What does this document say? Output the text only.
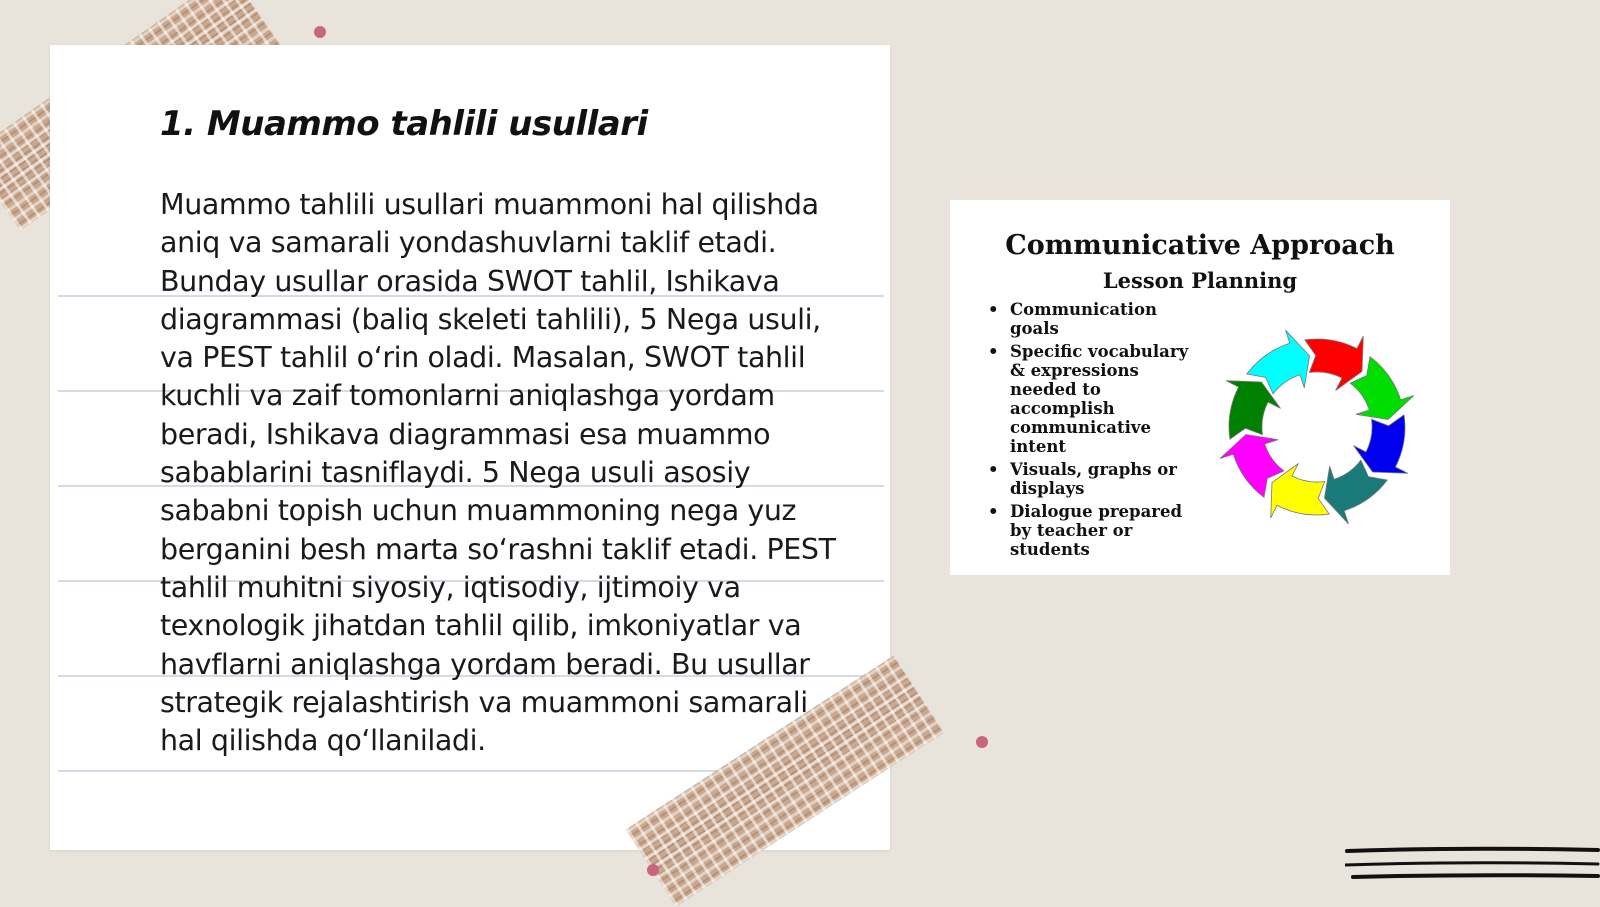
1. Muammo tahlili usullari

Muammo tahlili usullari muammoni hal qilishda aniq va samarali yondashuvlarni taklif etadi. Bunday usullar orasida SWOT tahlil, Ishikava diagrammasi (baliq skeleti tahlili), 5 Nega usuli, va PEST tahlil o‘rin oladi. Masalan, SWOT tahlil kuchli va zaif tomonlarni aniqlashga yordam beradi, Ishikava diagrammasi esa muammo sabablarini tasniflaydi. 5 Nega usuli asosiy sababni topish uchun muammoning nega yuz berganini besh marta so‘rashni taklif etadi. PEST tahlil muhitni siyosiy, iqtisodiy, ijtimoiy va texnologik jihatdan tahlil qilib, imkoniyatlar va havflarni aniqlashga yordam beradi. Bu usullar strategik rejalashtirish va muammoni samarali hal qilishda qo‘llaniladi.

Communicative Approach
Lesson Planning
• Communication goals
• Specific vocabulary & expressions needed to accomplish communicative intent
• Visuals, graphs or displays
• Dialogue prepared by teacher or students
